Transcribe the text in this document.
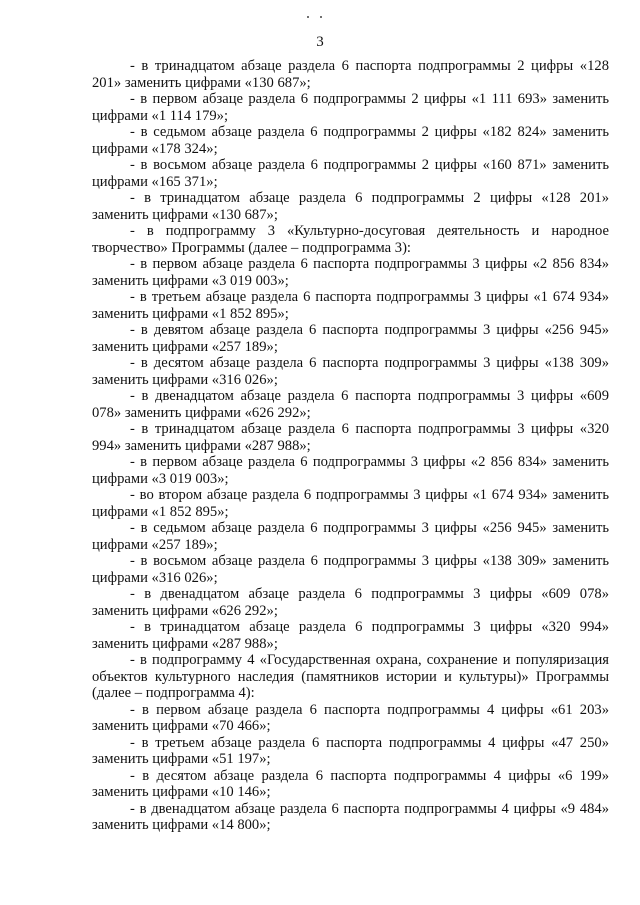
3

- в тринадцатом абзаце раздела 6 паспорта подпрограммы 2 цифры «128 201» заменить цифрами «130 687»;

- в первом абзаце раздела 6 подпрограммы 2 цифры «1 111 693» заменить цифрами «1 114 179»;

- в седьмом абзаце раздела 6 подпрограммы 2 цифры «182 824» заменить цифрами «178 324»;

- в восьмом абзаце раздела 6 подпрограммы 2 цифры «160 871» заменить цифрами «165 371»;

- в тринадцатом абзаце раздела 6 подпрограммы 2 цифры «128 201» заменить цифрами «130 687»;

- в подпрограмму 3 «Культурно-досуговая деятельность и народное творчество» Программы (далее – подпрограмма 3):

- в первом абзаце раздела 6 паспорта подпрограммы 3 цифры «2 856 834» заменить цифрами «3 019 003»;

- в третьем абзаце раздела 6 паспорта подпрограммы 3 цифры «1 674 934» заменить цифрами «1 852 895»;

- в девятом абзаце раздела 6 паспорта подпрограммы 3 цифры «256 945» заменить цифрами «257 189»;

- в десятом абзаце раздела 6 паспорта подпрограммы 3 цифры «138 309» заменить цифрами «316 026»;

- в двенадцатом абзаце раздела 6 паспорта подпрограммы 3 цифры «609 078» заменить цифрами «626 292»;

- в тринадцатом абзаце раздела 6 паспорта подпрограммы 3 цифры «320 994» заменить цифрами «287 988»;

- в первом абзаце раздела 6 подпрограммы 3 цифры «2 856 834» заменить цифрами «3 019 003»;

- во втором абзаце раздела 6 подпрограммы 3 цифры «1 674 934» заменить цифрами «1 852 895»;

- в седьмом абзаце раздела 6 подпрограммы 3 цифры «256 945» заменить цифрами «257 189»;

- в восьмом абзаце раздела 6 подпрограммы 3 цифры «138 309» заменить цифрами «316 026»;

- в двенадцатом абзаце раздела 6 подпрограммы 3 цифры «609 078» заменить цифрами «626 292»;

- в тринадцатом абзаце раздела 6 подпрограммы 3 цифры «320 994» заменить цифрами «287 988»;

- в подпрограмму 4 «Государственная охрана, сохранение и популяризация объектов культурного наследия (памятников истории и культуры)» Программы (далее – подпрограмма 4):

- в первом абзаце раздела 6 паспорта подпрограммы 4 цифры «61 203» заменить цифрами «70 466»;

- в третьем абзаце раздела 6 паспорта подпрограммы 4 цифры «47 250» заменить цифрами «51 197»;

- в десятом абзаце раздела 6 паспорта подпрограммы 4 цифры «6 199» заменить цифрами «10 146»;

- в двенадцатом абзаце раздела 6 паспорта подпрограммы 4 цифры «9 484» заменить цифрами «14 800»;
